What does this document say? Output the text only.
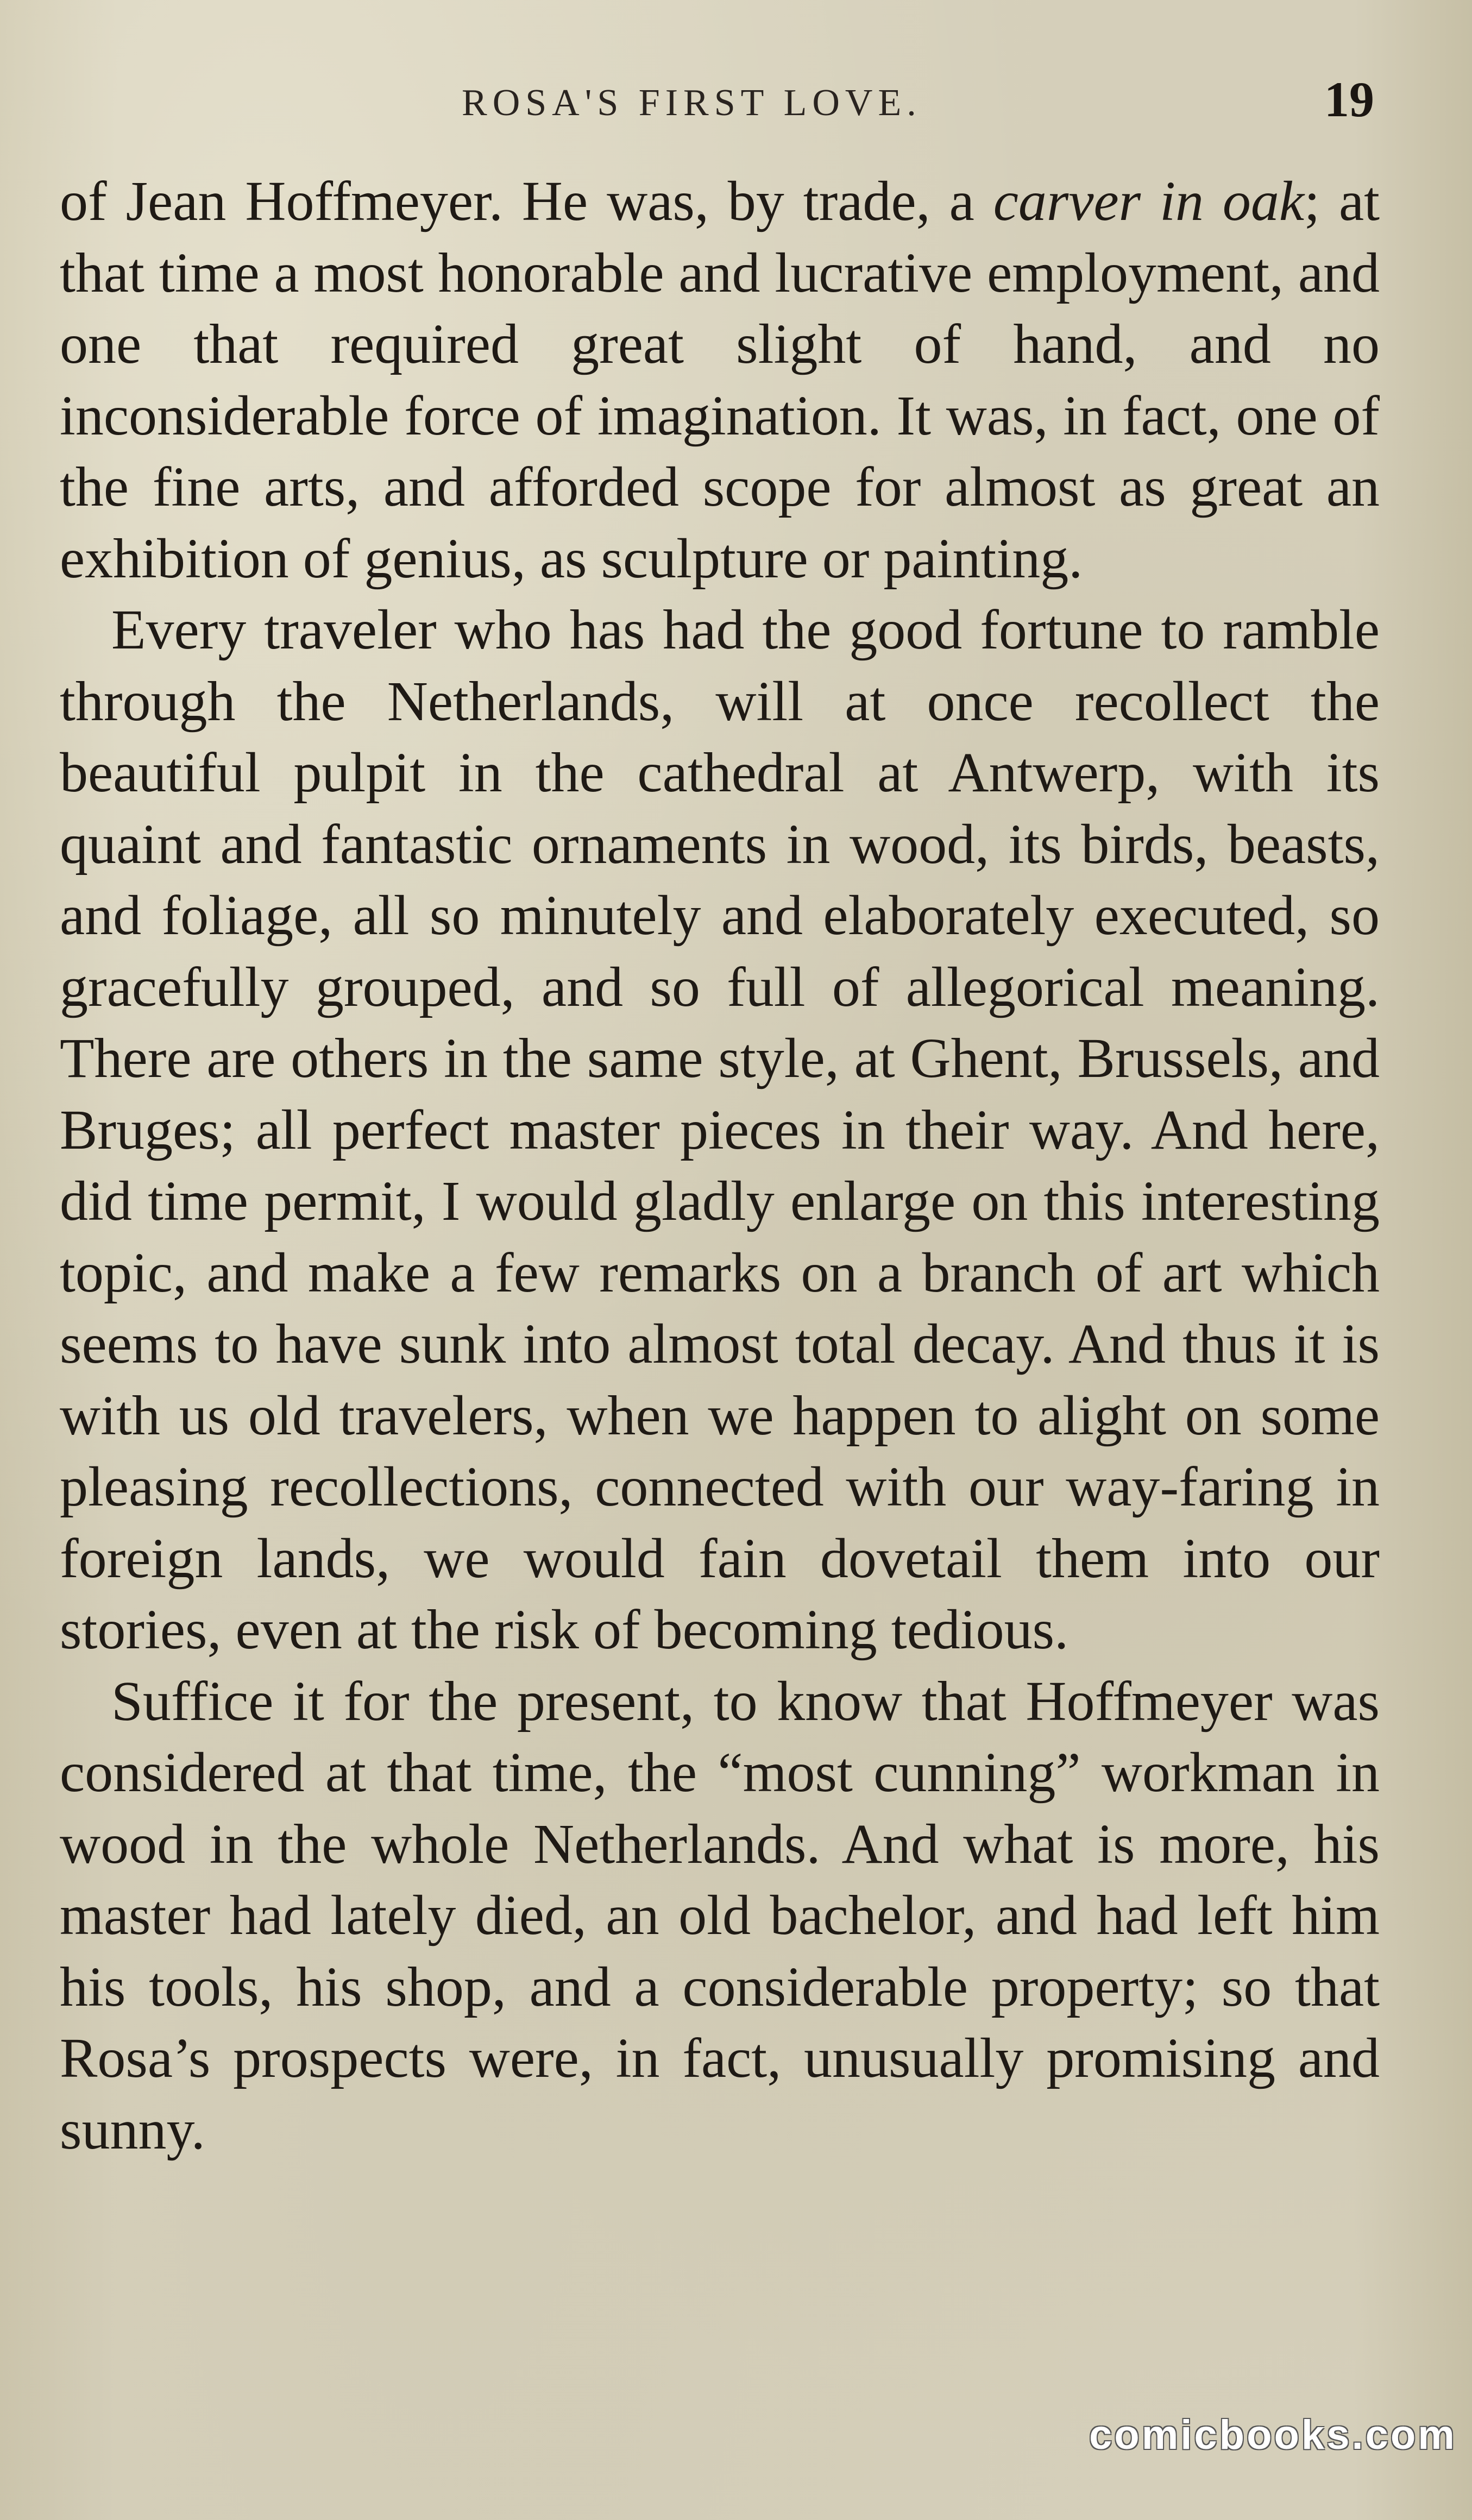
ROSA'S FIRST LOVE.	19

of Jean Hoffmeyer. He was, by trade, a carver in oak; at that time a most honorable and lucrative employment, and one that required great slight of hand, and no inconsiderable force of imagination. It was, in fact, one of the fine arts, and afforded scope for almost as great an exhibition of genius, as sculpture or painting.

Every traveler who has had the good fortune to ramble through the Netherlands, will at once recollect the beautiful pulpit in the cathedral at Antwerp, with its quaint and fantastic ornaments in wood, its birds, beasts, and foliage, all so minutely and elaborately executed, so gracefully grouped, and so full of allegorical meaning. There are others in the same style, at Ghent, Brussels, and Bruges; all perfect master pieces in their way. And here, did time permit, I would gladly enlarge on this interesting topic, and make a few remarks on a branch of art which seems to have sunk into almost total decay. And thus it is with us old travelers, when we happen to alight on some pleasing recollections, connected with our way-faring in foreign lands, we would fain dovetail them into our stories, even at the risk of becoming tedious.

Suffice it for the present, to know that Hoffmeyer was considered at that time, the “most cunning” workman in wood in the whole Netherlands. And what is more, his master had lately died, an old bachelor, and had left him his tools, his shop, and a considerable property; so that Rosa’s prospects were, in fact, unusually promising and sunny.

comicbooks.com
